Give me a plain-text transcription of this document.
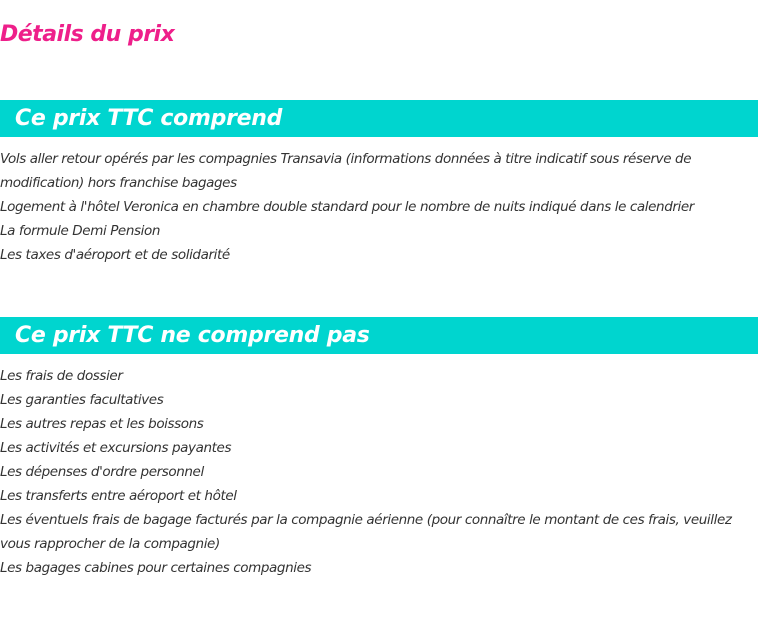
Détails du prix
Ce prix TTC comprend
Vols aller retour opérés par les compagnies Transavia (informations données à titre indicatif sous réserve de modification) hors franchise bagages
Logement à l'hôtel Veronica en chambre double standard pour le nombre de nuits indiqué dans le calendrier
La formule Demi Pension
Les taxes d'aéroport et de solidarité
Ce prix TTC ne comprend pas
Les frais de dossier
Les garanties facultatives
Les autres repas et les boissons
Les activités et excursions payantes
Les dépenses d'ordre personnel
Les transferts entre aéroport et hôtel
Les éventuels frais de bagage facturés par la compagnie aérienne (pour connaître le montant de ces frais, veuillez vous rapprocher de la compagnie)
Les bagages cabines pour certaines compagnies
